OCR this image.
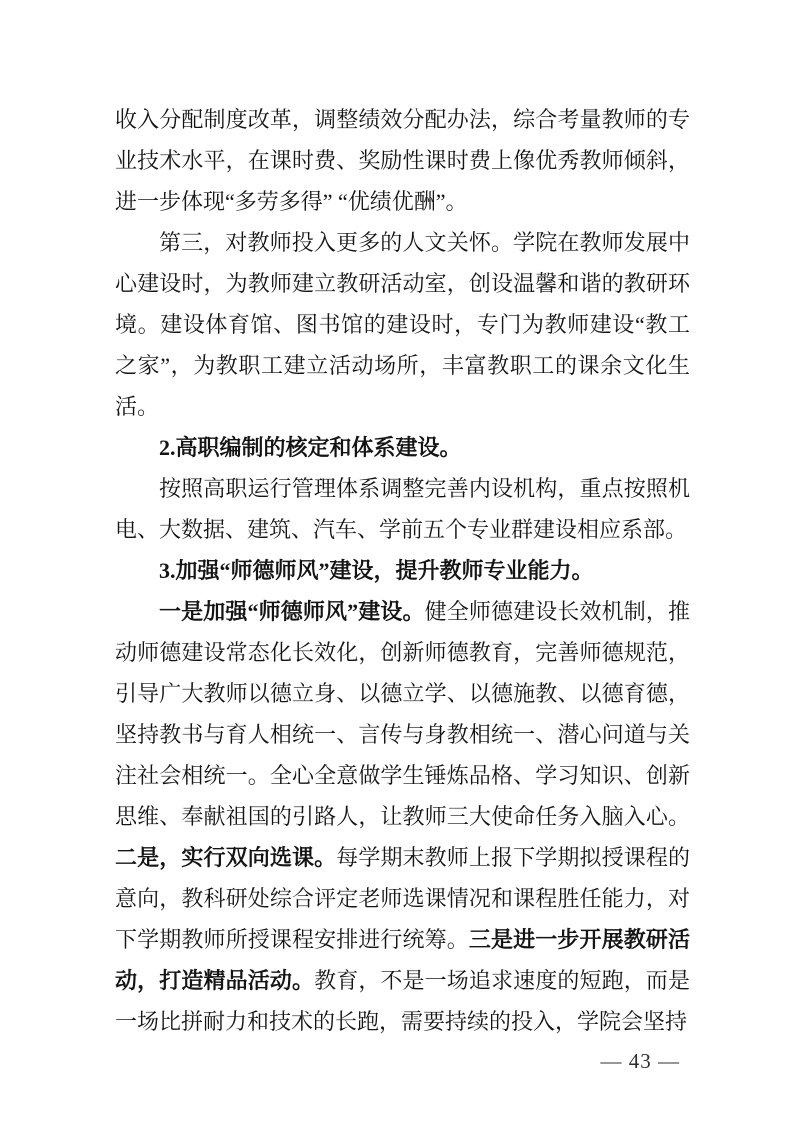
收入分配制度改革，调整绩效分配办法，综合考量教师的专业技术水平，在课时费、奖励性课时费上像优秀教师倾斜，进一步体现“多劳多得” “优绩优酬”。

第三，对教师投入更多的人文关怀。学院在教师发展中心建设时，为教师建立教研活动室，创设温馨和谐的教研环境。建设体育馆、图书馆的建设时，专门为教师建设“教工之家”，为教职工建立活动场所，丰富教职工的课余文化生活。

2.高职编制的核定和体系建设。

按照高职运行管理体系调整完善内设机构，重点按照机电、大数据、建筑、汽车、学前五个专业群建设相应系部。

3.加强“师德师风”建设，提升教师专业能力。

一是加强“师德师风”建设。健全师德建设长效机制，推动师德建设常态化长效化，创新师德教育，完善师德规范，引导广大教师以德立身、以德立学、以德施教、以德育德，坚持教书与育人相统一、言传与身教相统一、潜心问道与关注社会相统一。全心全意做学生锤炼品格、学习知识、创新思维、奉献祖国的引路人，让教师三大使命任务入脑入心。二是，实行双向选课。每学期末教师上报下学期拟授课程的意向，教科研处综合评定老师选课情况和课程胜任能力，对下学期教师所授课程安排进行统筹。三是进一步开展教研活动，打造精品活动。教育，不是一场追求速度的短跑，而是一场比拼耐力和技术的长跑，需要持续的投入，学院会坚持

— 43 —
